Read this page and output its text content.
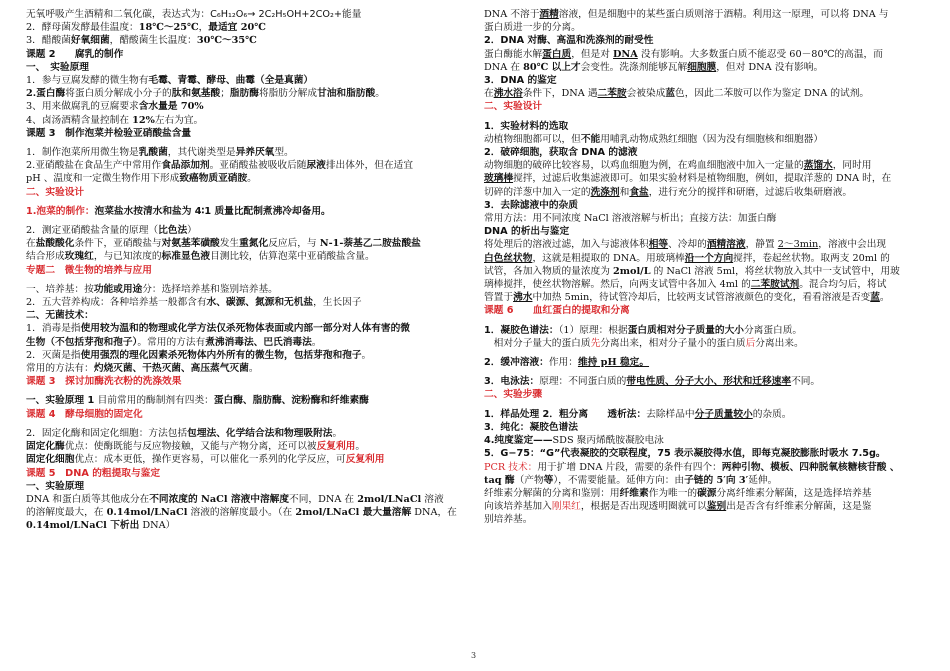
无氧呼吸产生酒精和二氧化碳，表达式为：C₆H₁₂O₆→ 2C₂H₅OH+2CO₂+能量
2．酵母菌发酵最佳温度：18℃～25℃，最适宜 20℃
3．醋酸菌好氧细菌，醋酸菌生长温度：30℃～35℃
课题 2　　腐乳的制作
一、　实验原理
1．参与豆腐发酵的微生物有毛霉、青霉、酵母、曲霉（全是真菌）
2.蛋白酶将蛋白质分解成小分子的肽和氨基酸；脂肪酶将脂肪分解成甘油和脂肪酸。
3、用来做腐乳的豆腐要求含水量是 70%
4、卤汤酒精含量控制在 12%左右为宜。
课题 3　制作泡菜并检验亚硝酸盐含量
1．制作泡菜所用微生物是乳酸菌，其代谢类型是异养厌氧型。
2.亚硝酸盐在食品生产中常用作食品添加剂。亚硝酸盐被吸收后随尿液排出体外，但在适宜
pH 、温度和一定微生物作用下形成致癌物质亚硝胺。
二、实验设计
1.泡菜的制作：泡菜盐水按清水和盐为 4∶1 质量比配制煮沸冷却备用。
2．测定亚硝酸盐含量的原理（比色法）
在盐酸酸化条件下，亚硝酸盐与对氨基苯磺酸发生重氮化反应后，与 N-1-萘基乙二胺盐酸盐
结合形成玫瑰红，与已知浓度的标准显色液目测比较，估算泡菜中亚硝酸盐含量。
专题二　微生物的培养与应用
一、培养基：按功能或用途分：选择培养基和鉴别培养基。
2．五大营养构成：各种培养基一般都含有水、碳源、氮源和无机盐，生长因子
二、无菌技术：
1．消毒是指使用较为温和的物理或化学方法仅杀死物体表面或内部一部分对人体有害的微
生物（不包括芽孢和孢子）。常用的方法有煮沸消毒法、巴氏消毒法。
2．灭菌是指使用强烈的理化因素杀死物体内外所有的微生物，包括芽孢和孢子。
常用的方法有：灼烧灭菌、干热灭菌、高压蒸气灭菌。
课题 3　探讨加酶洗衣粉的洗涤效果
一、实验原理 1 目前常用的酶制剂有四类：蛋白酶、脂肪酶、淀粉酶和纤维素酶
课题 4　酵母细胞的固定化
2．固定化酶和固定化细胞：方法包括包埋法、化学结合法和物理吸附法。
固定化酶优点：使酶既能与反应物接触，又能与产物分离，还可以被反复利用。
固定化细胞优点：成本更低，操作更容易，可以催化一系列的化学反应，可反复利用
课题 5　DNA 的粗提取与鉴定
一、实验原理
DNA 和蛋白质等其他成分在不同浓度的 NaCl 溶液中溶解度不同，DNA 在 2mol/LNaCl 溶液
的溶解度最大，在 0.14mol/LNaCl 溶液的溶解度最小。（在 2mol/LNaCl 最大量溶解 DNA，在
0.14mol/LNaCl 下析出 DNA）
DNA 不溶于酒精溶液，但是细胞中的某些蛋白质则溶于酒精。利用这一原理，可以将 DNA 与
蛋白质进一步的分离。
2．DNA 对酶、高温和洗涤剂的耐受性
蛋白酶能水解蛋白质，但是对 DNA 没有影响。大多数蛋白质不能忍受 60－80℃的高温，而
DNA 在 80℃ 以上才会变性。洗涤剂能够瓦解细胞膜，但对 DNA 没有影响。
3．DNA 的鉴定
在沸水浴条件下，DNA 遇二苯胺会被染成蓝色，因此二苯胺可以作为鉴定 DNA 的试剂。
二、实验设计
1．实验材料的选取
动植物细胞都可以，但不能用哺乳动物成熟红细胞（因为没有细胞核和细胞器）
2．破碎细胞，获取含 DNA 的滤液
动物细胞的破碎比较容易，以鸡血细胞为例，在鸡血细胞液中加入一定量的蒸馏水，同时用
玻璃棒搅拌，过滤后收集滤液即可。如果实验材料是植物细胞，例如，提取洋葱的 DNA 时，在
切碎的洋葱中加入一定的洗涤剂和食盐，进行充分的搅拌和研磨，过滤后收集研磨液。
3．去除滤液中的杂质
常用方法：用不同浓度 NaCl 溶液溶解与析出；直接方法：加蛋白酶
DNA 的析出与鉴定
将处理后的溶液过滤，加入与滤液体积相等、冷却的酒精溶液，静置 2～3min，溶液中会出现
白色丝状物，这就是粗提取的 DNA。用玻璃棒沿一个方向搅拌，卷起丝状物。取两支 20ml 的
试管，各加入物质的量浓度为 2mol/L 的 NaCl 溶液 5ml，将丝状物放入其中一支试管中，用玻
璃棒搅拌，使丝状物溶解。然后，向两支试管中各加入 4ml 的二苯胺试剂。混合均匀后，将试
管置于沸水中加热 5min，待试管冷却后，比较两支试管溶液颜色的变化，看看溶液是否变蓝。
课题 6　　血红蛋白的提取和分离
1．凝胶色谱法：（1）原理：根据蛋白质相对分子质量的大小分离蛋白质。
　相对分子量大的蛋白质先分离出来，相对分子量小的蛋白质后分离出来。
2．缓冲溶液：作用：维持 pH 稳定。
3．电泳法：原理：不同蛋白质的带电性质、分子大小、形状和迁移速率不同。
二、实验步骤
1．样品处理 2．粗分离　　透析法：去除样品中分子质量较小的杂质。
3．纯化：凝胶色谱法
4.纯度鉴定——SDS 聚丙烯酰胺凝胶电泳
5．G−75：“G”代表凝胶的交联程度，75 表示凝胶得水值，即每克凝胶膨胀时吸水 7.5g。
PCR 技术：用于扩增 DNA 片段，需要的条件有四个：两种引物、模板、四种脱氧核糖核苷酸 、
taq 酶（产物等），不需要能量。延伸方向：由子链的 5′向 3′延伸。
纤维素分解菌的分离和鉴别：用纤维素作为唯一的碳源分离纤维素分解菌，这是选择培养基
向该培养基加入刚果红，根据是否出现透明圈就可以鉴别出是否含有纤维素分解菌，这是鉴
别培养基。
3
